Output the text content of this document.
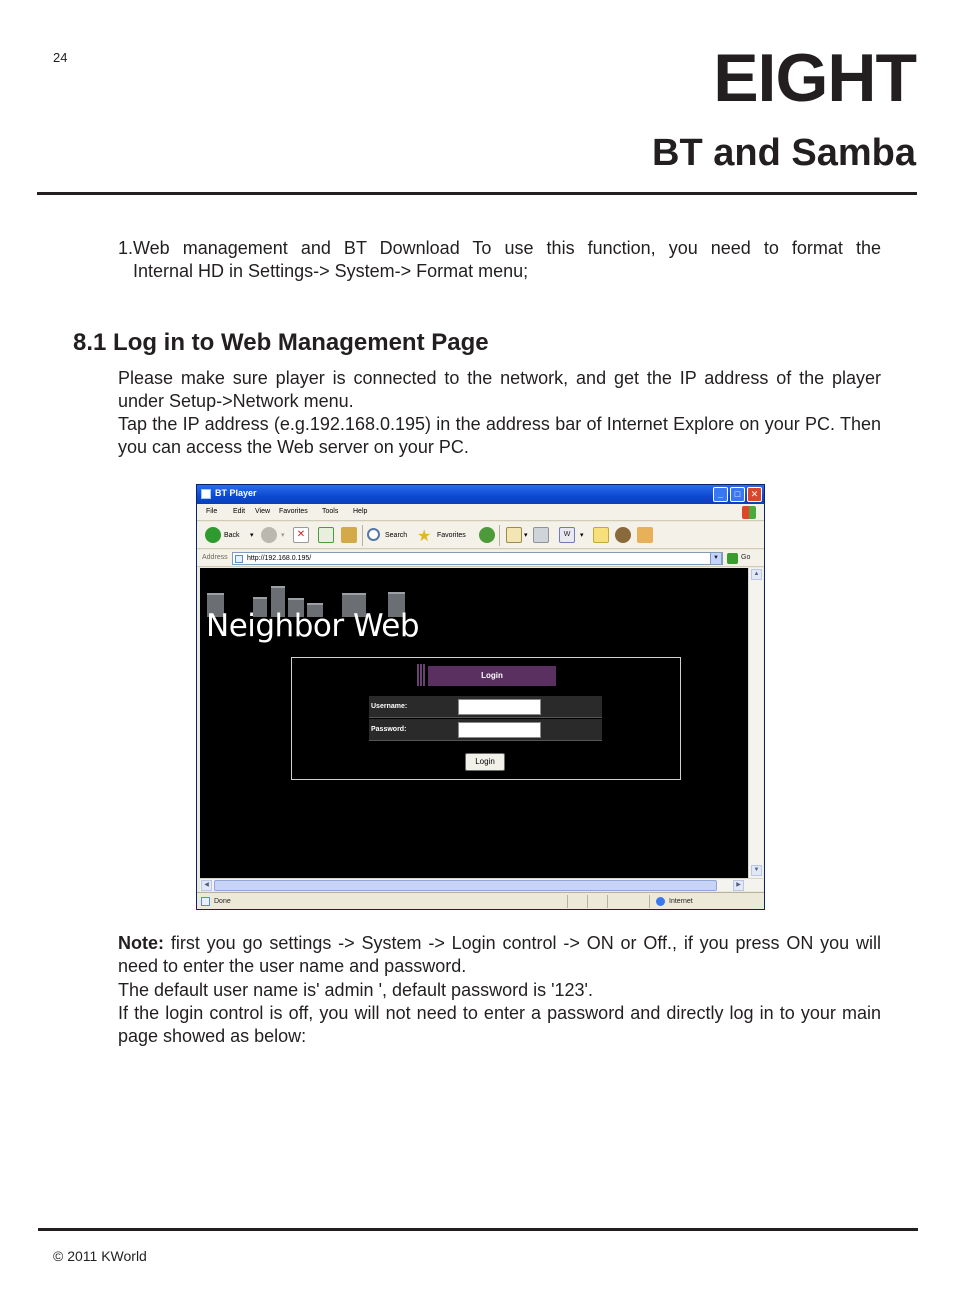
24	EIGHT
BT and Samba
1.Web management and BT Download To use this function, you need to format the
Internal HD in Settings-> System-> Format menu;
8.1 Log in to Web Management Page

Please make sure player is connected to the network, and get the IP address of the player under Setup->Network menu.

Tap the IP address (e.g.192.168.0.195) in the address bar of Internet Explore on your PC. Then you can access the Web server on your PC.

BT Player	_	□	✕
File Edit View Favorites Tools Help
Back ▾	▾	✕	Search ★ Favorites	▾	W	▾
Address	http://192.168.0.195/	▼	Go
Neighbor Web
Login
Username:
Password:
Login
▲
▼
◀	▶
Done	Internet

Note: first you go settings -> System -> Login control -> ON or Off., if you press ON you will need to enter the user name and password.

The default user name is' admin ', default password is '123'.

If the login control is off, you will not need to enter a password and directly log in to your main page showed as below:

© 2011 KWorld
